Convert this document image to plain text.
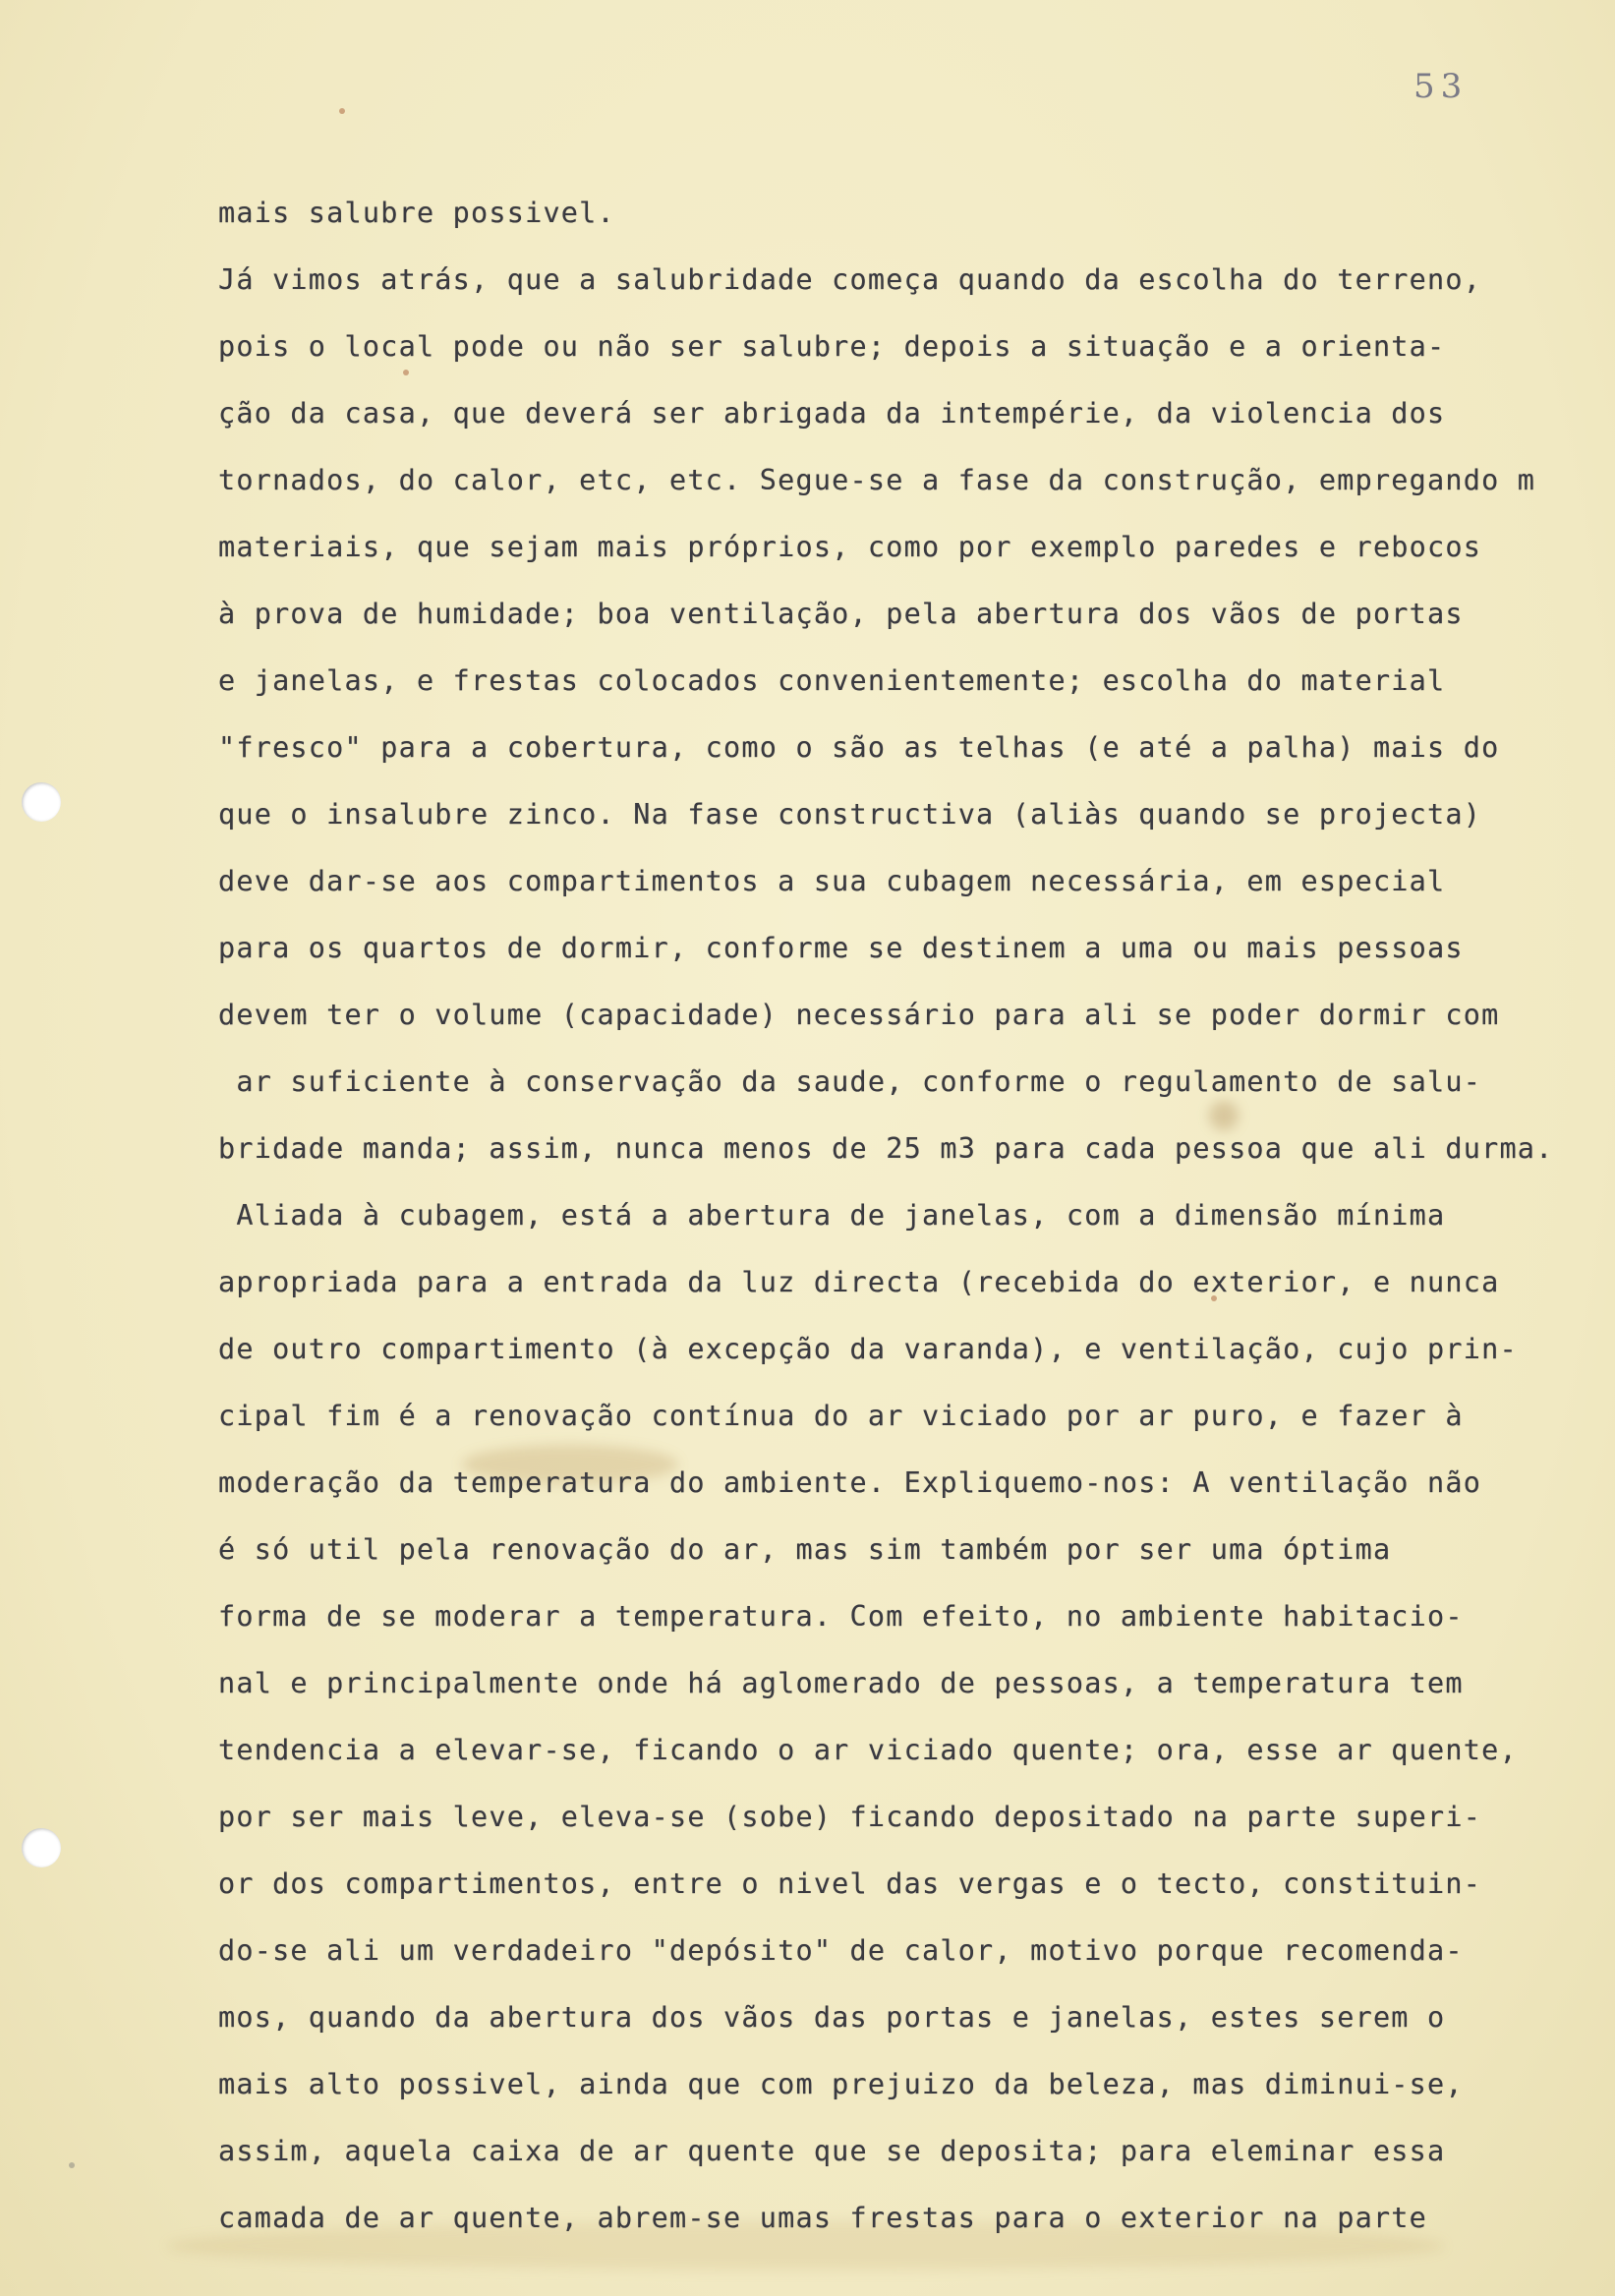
53
mais salubre possivel.
Já vimos atrás, que a salubridade começa quando da escolha do terreno,
pois o local pode ou não ser salubre; depois a situação e a orienta-
ção da casa, que deverá ser abrigada da intempérie, da violencia dos
tornados, do calor, etc, etc. Segue-se a fase da construção, empregando m
materiais, que sejam mais próprios, como por exemplo paredes e rebocos
à prova de humidade; boa ventilação, pela abertura dos vãos de portas
e janelas, e frestas colocados convenientemente; escolha do material
"fresco" para a cobertura, como o são as telhas (e até a palha) mais do
que o insalubre zinco. Na fase constructiva (aliàs quando se projecta)
deve dar-se aos compartimentos a sua cubagem necessária, em especial
para os quartos de dormir, conforme se destinem a uma ou mais pessoas
devem ter o volume (capacidade) necessário para ali se poder dormir com
ar suficiente à conservação da saude, conforme o regulamento de salu-
bridade manda; assim, nunca menos de 25 m3 para cada pessoa que ali durma.
Aliada à cubagem, está a abertura de janelas, com a dimensão mínima
apropriada para a entrada da luz directa (recebida do exterior, e nunca
de outro compartimento (à excepção da varanda), e ventilação, cujo prin-
cipal fim é a renovação contínua do ar viciado por ar puro, e fazer à
moderação da temperatura do ambiente. Expliquemo-nos: A ventilação não
é só util pela renovação do ar, mas sim também por ser uma óptima
forma de se moderar a temperatura. Com efeito, no ambiente habitacio-
nal e principalmente onde há aglomerado de pessoas, a temperatura tem
tendencia a elevar-se, ficando o ar viciado quente; ora, esse ar quente,
por ser mais leve, eleva-se (sobe) ficando depositado na parte superi-
or dos compartimentos, entre o nivel das vergas e o tecto, constituin-
do-se ali um verdadeiro "depósito" de calor, motivo porque recomenda-
mos, quando da abertura dos vãos das portas e janelas, estes serem o
mais alto possivel, ainda que com prejuizo da beleza, mas diminui-se,
assim, aquela caixa de ar quente que se deposita; para eleminar essa
camada de ar quente, abrem-se umas frestas para o exterior na parte
